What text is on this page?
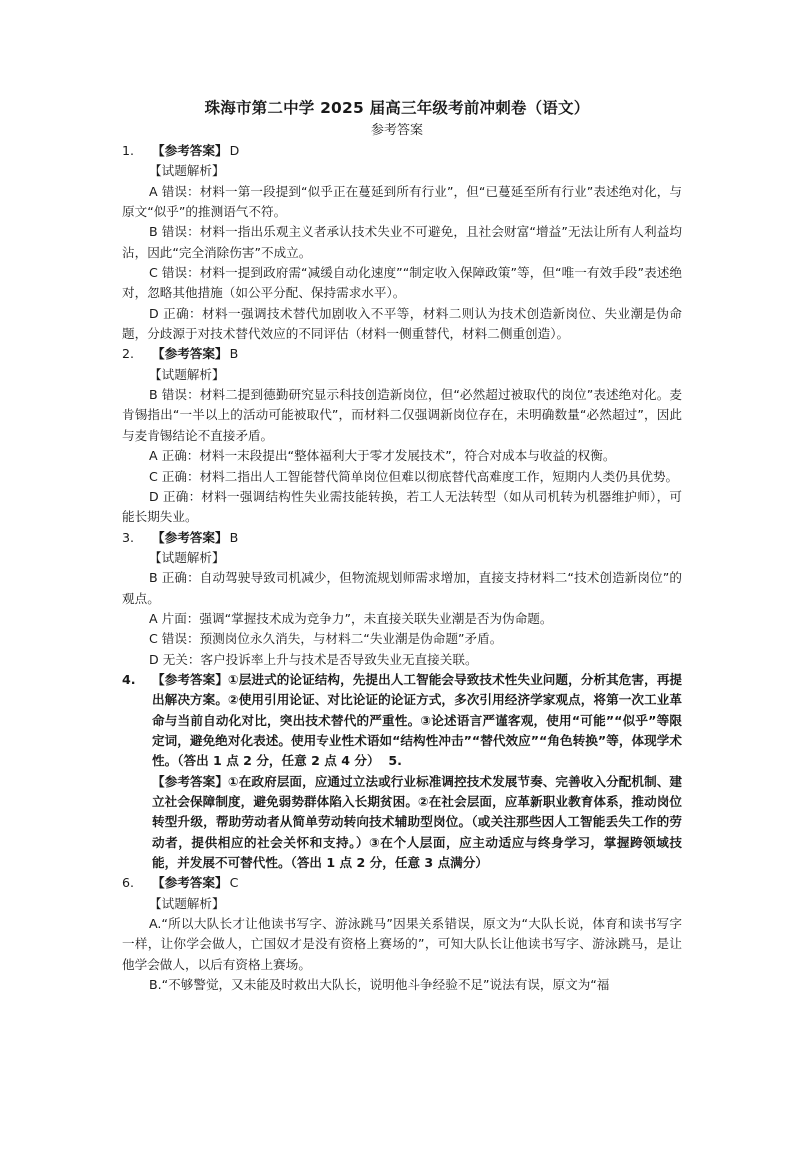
珠海市第二中学 2025 届高三年级考前冲刺卷（语文）
参考答案
1. 【参考答案】 D
【试题解析】
A 错误：材料一第一段提到“似乎正在蔓延到所有行业”，但“已蔓延至所有行业”表述绝对化，与原文“似乎”的推测语气不符。
B 错误：材料一指出乐观主义者承认技术失业不可避免，且社会财富“增益”无法让所有人利益均沾，因此“完全消除伤害”不成立。
C 错误：材料一提到政府需“减缓自动化速度”“制定收入保障政策”等，但“唯一有效手段”表述绝对，忽略其他措施（如公平分配、保持需求水平）。
D 正确：材料一强调技术替代加剧收入不平等，材料二则认为技术创造新岗位、失业潮是伪命题，分歧源于对技术替代效应的不同评估（材料一侧重替代，材料二侧重创造）。
2. 【参考答案】 B
【试题解析】
B 错误：材料二提到德勤研究显示科技创造新岗位，但“必然超过被取代的岗位”表述绝对化。麦肯锡指出“一半以上的活动可能被取代”，而材料二仅强调新岗位存在，未明确数量“必然超过”，因此与麦肯锡结论不直接矛盾。
A 正确：材料一末段提出“整体福利大于零才发展技术”，符合对成本与收益的权衡。
C 正确：材料二指出人工智能替代简单岗位但难以彻底替代高难度工作，短期内人类仍具优势。
D 正确：材料一强调结构性失业需技能转换，若工人无法转型（如从司机转为机器维护师），可能长期失业。
3. 【参考答案】 B
【试题解析】
B 正确：自动驾驶导致司机减少，但物流规划师需求增加，直接支持材料二“技术创造新岗位”的观点。
A 片面：强调“掌握技术成为竞争力”，未直接关联失业潮是否为伪命题。
C 错误：预测岗位永久消失，与材料二“失业潮是伪命题”矛盾。
D 无关：客户投诉率上升与技术是否导致失业无直接关联。
4.	【参考答案】①层进式的论证结构，先提出人工智能会导致技术性失业问题，分析其危害，再提出解决方案。②使用引用论证、对比论证的论证方式，多次引用经济学家观点，将第一次工业革命与当前自动化对比，突出技术替代的严重性。③论述语言严谨客观，使用“可能”“似乎”等限定词，避免绝对化表述。使用专业性术语如“结构性冲击”“替代效应”“角色转换”等，体现学术性。（答出 1 点 2 分，任意 2 点 4 分） 5.
【参考答案】①在政府层面，应通过立法或行业标准调控技术发展节奏、完善收入分配机制、建立社会保障制度，避免弱势群体陷入长期贫困。②在社会层面，应革新职业教育体系，推动岗位转型升级，帮助劳动者从简单劳动转向技术辅助型岗位。（或关注那些因人工智能丢失工作的劳动者，提供相应的社会关怀和支持。）③在个人层面，应主动适应与终身学习，掌握跨领域技能，并发展不可替代性。（答出 1 点 2 分，任意 3 点满分）
6. 【参考答案】 C
【试题解析】
A.“所以大队长才让他读书写字、游泳跳马”因果关系错误，原文为“大队长说，体育和读书写字一样，让你学会做人，亡国奴才是没有资格上赛场的”，可知大队长让他读书写字、游泳跳马，是让他学会做人，以后有资格上赛场。
B.“不够警觉，又未能及时救出大队长，说明他斗争经验不足”说法有误，原文为“福
